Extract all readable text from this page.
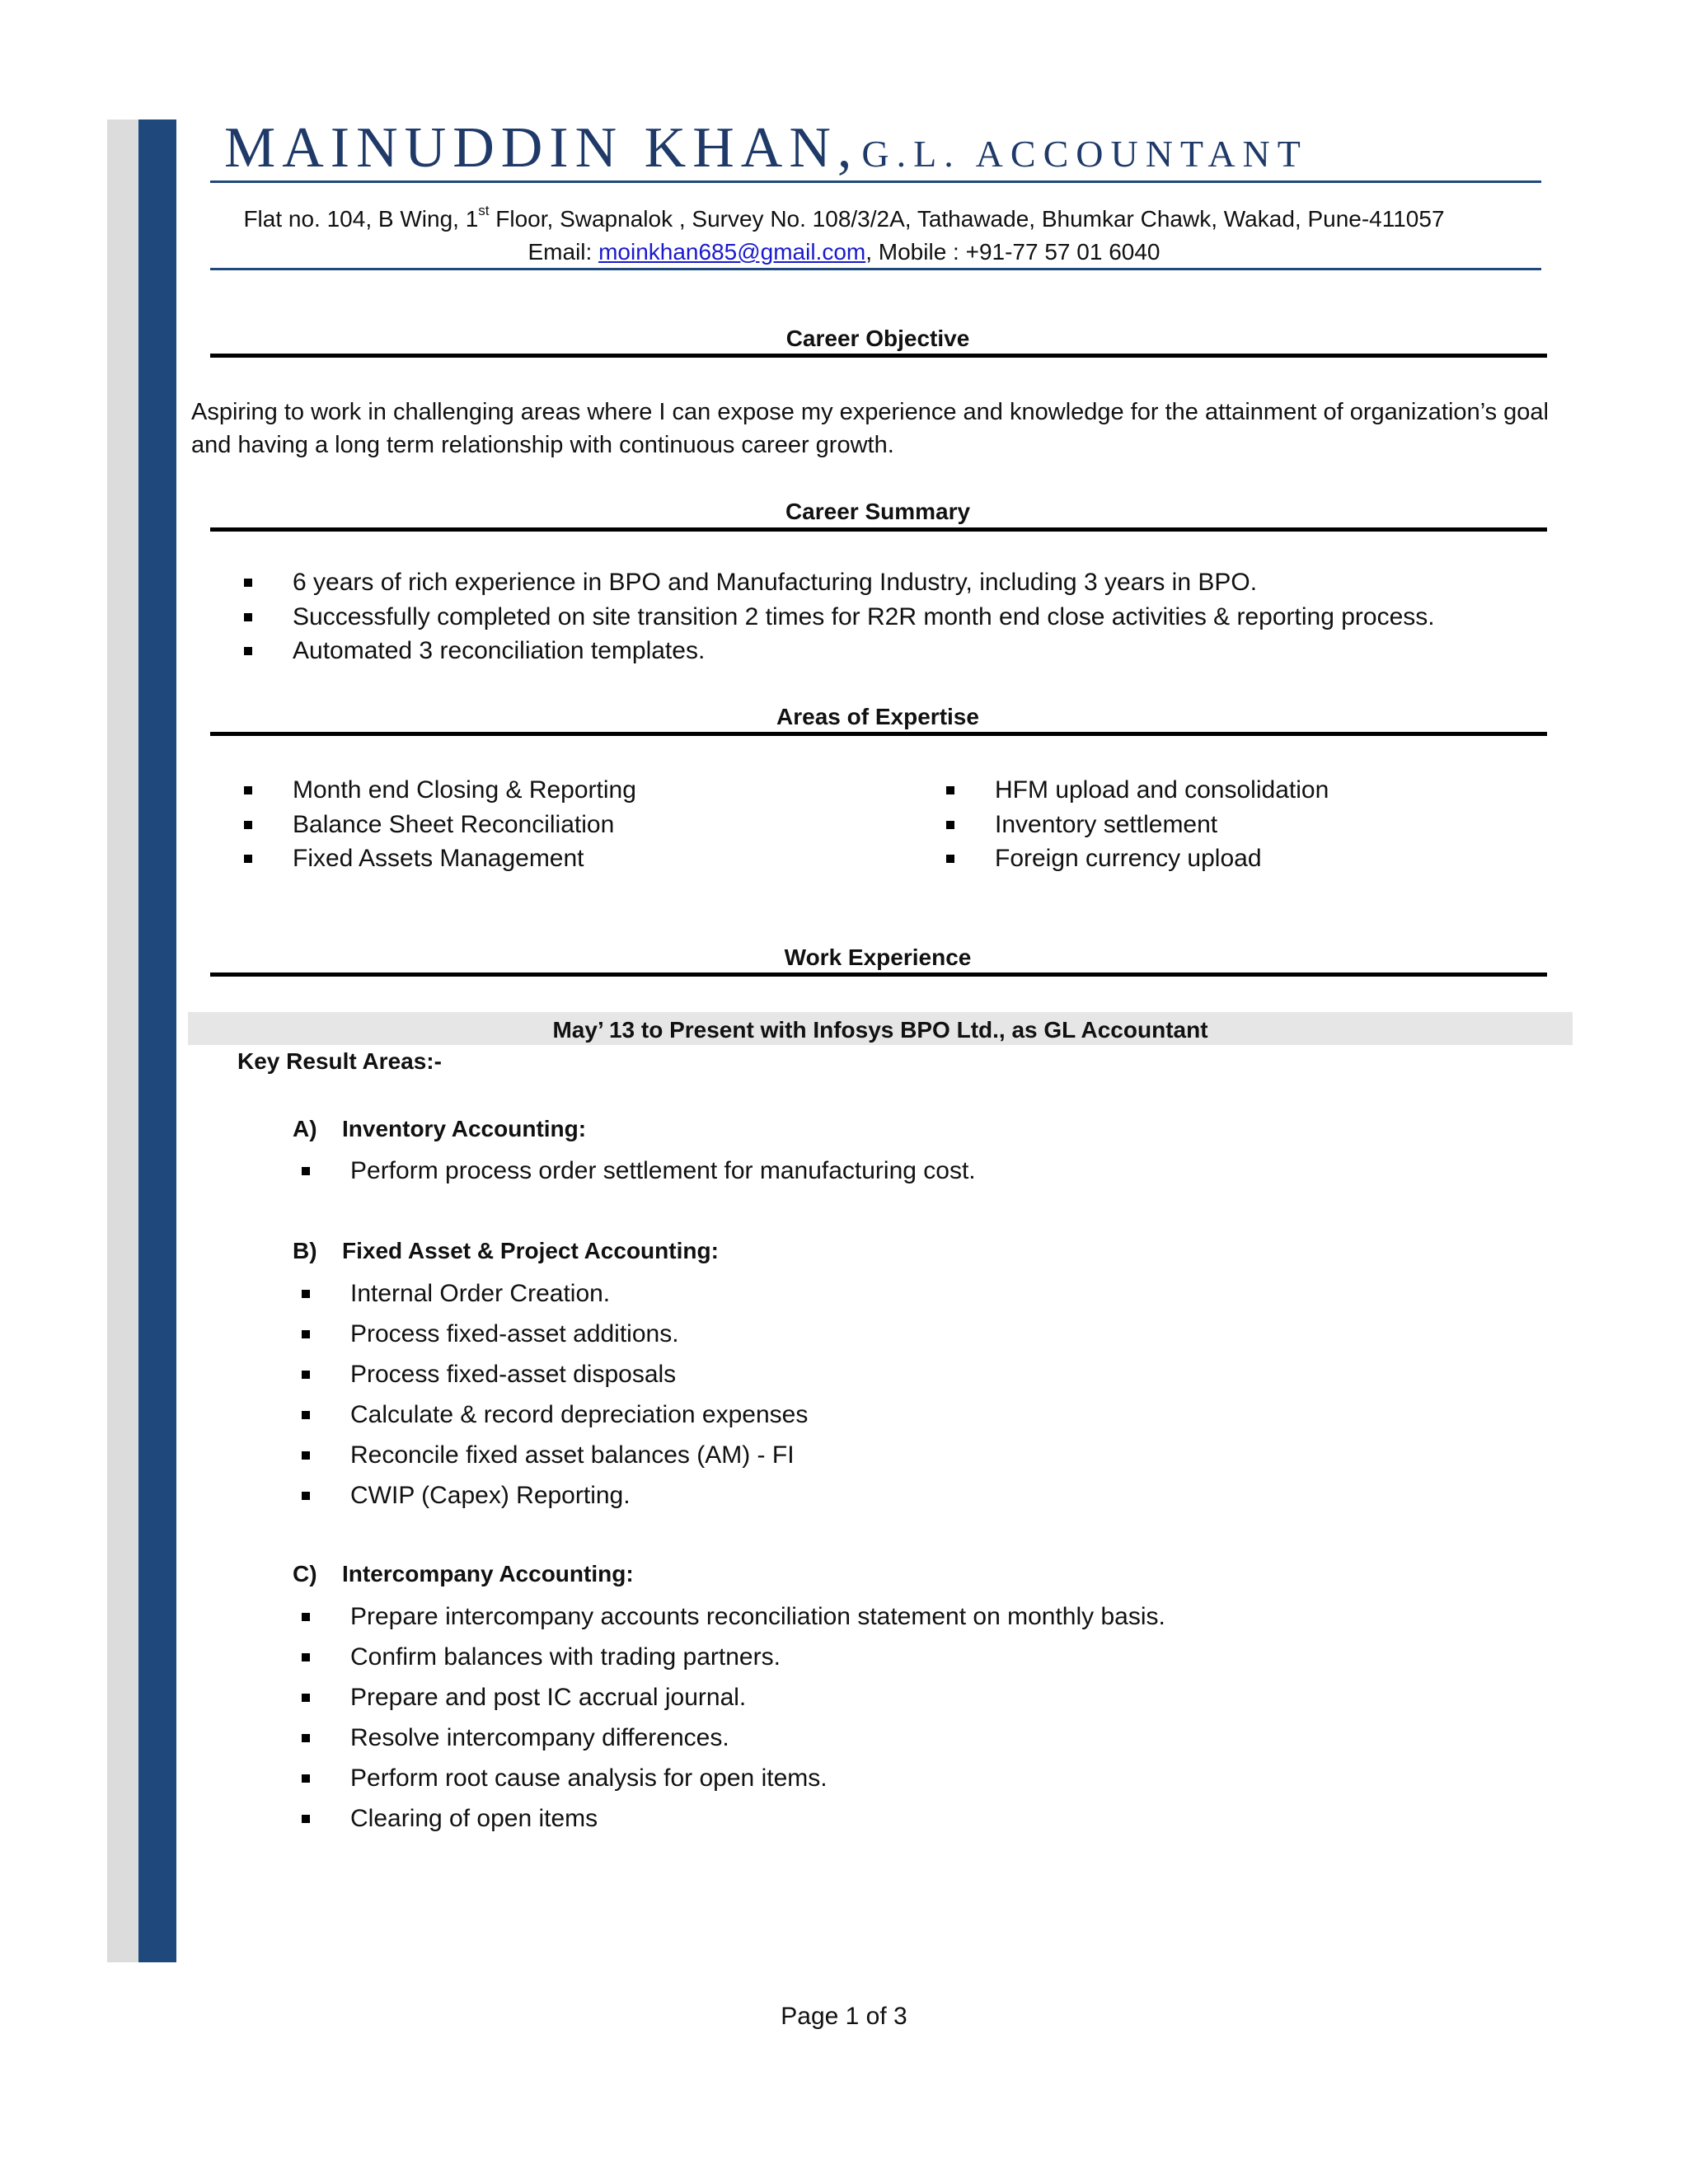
MAINUDDIN KHAN, G.L. ACCOUNTANT
Flat no. 104, B Wing, 1st Floor, Swapnalok , Survey No. 108/3/2A, Tathawade, Bhumkar Chawk, Wakad, Pune-411057
Email: moinkhan685@gmail.com, Mobile : +91-77 57 01 6040
Career Objective
Aspiring to work in challenging areas where I can expose my experience and knowledge for the attainment of organization’s goal and having a long term relationship with continuous career growth.
Career Summary
6 years of rich experience in BPO and Manufacturing Industry, including 3 years in BPO.
Successfully completed on site transition 2 times for R2R month end close activities & reporting process.
Automated 3 reconciliation templates.
Areas of Expertise
Month end Closing & Reporting
Balance Sheet Reconciliation
Fixed Assets Management
HFM upload and consolidation
Inventory settlement
Foreign currency upload
Work Experience
May’ 13 to Present with Infosys BPO Ltd., as GL Accountant
Key Result Areas:-
A) Inventory Accounting:
Perform process order settlement for manufacturing cost.
B) Fixed Asset & Project Accounting:
Internal Order Creation.
Process fixed-asset additions.
Process fixed-asset disposals
Calculate & record depreciation expenses
Reconcile fixed asset balances (AM) - FI
CWIP (Capex) Reporting.
C) Intercompany Accounting:
Prepare intercompany accounts reconciliation statement on monthly basis.
Confirm balances with trading partners.
Prepare and post IC accrual journal.
Resolve intercompany differences.
Perform root cause analysis for open items.
Clearing of open items
Page 1 of 3
